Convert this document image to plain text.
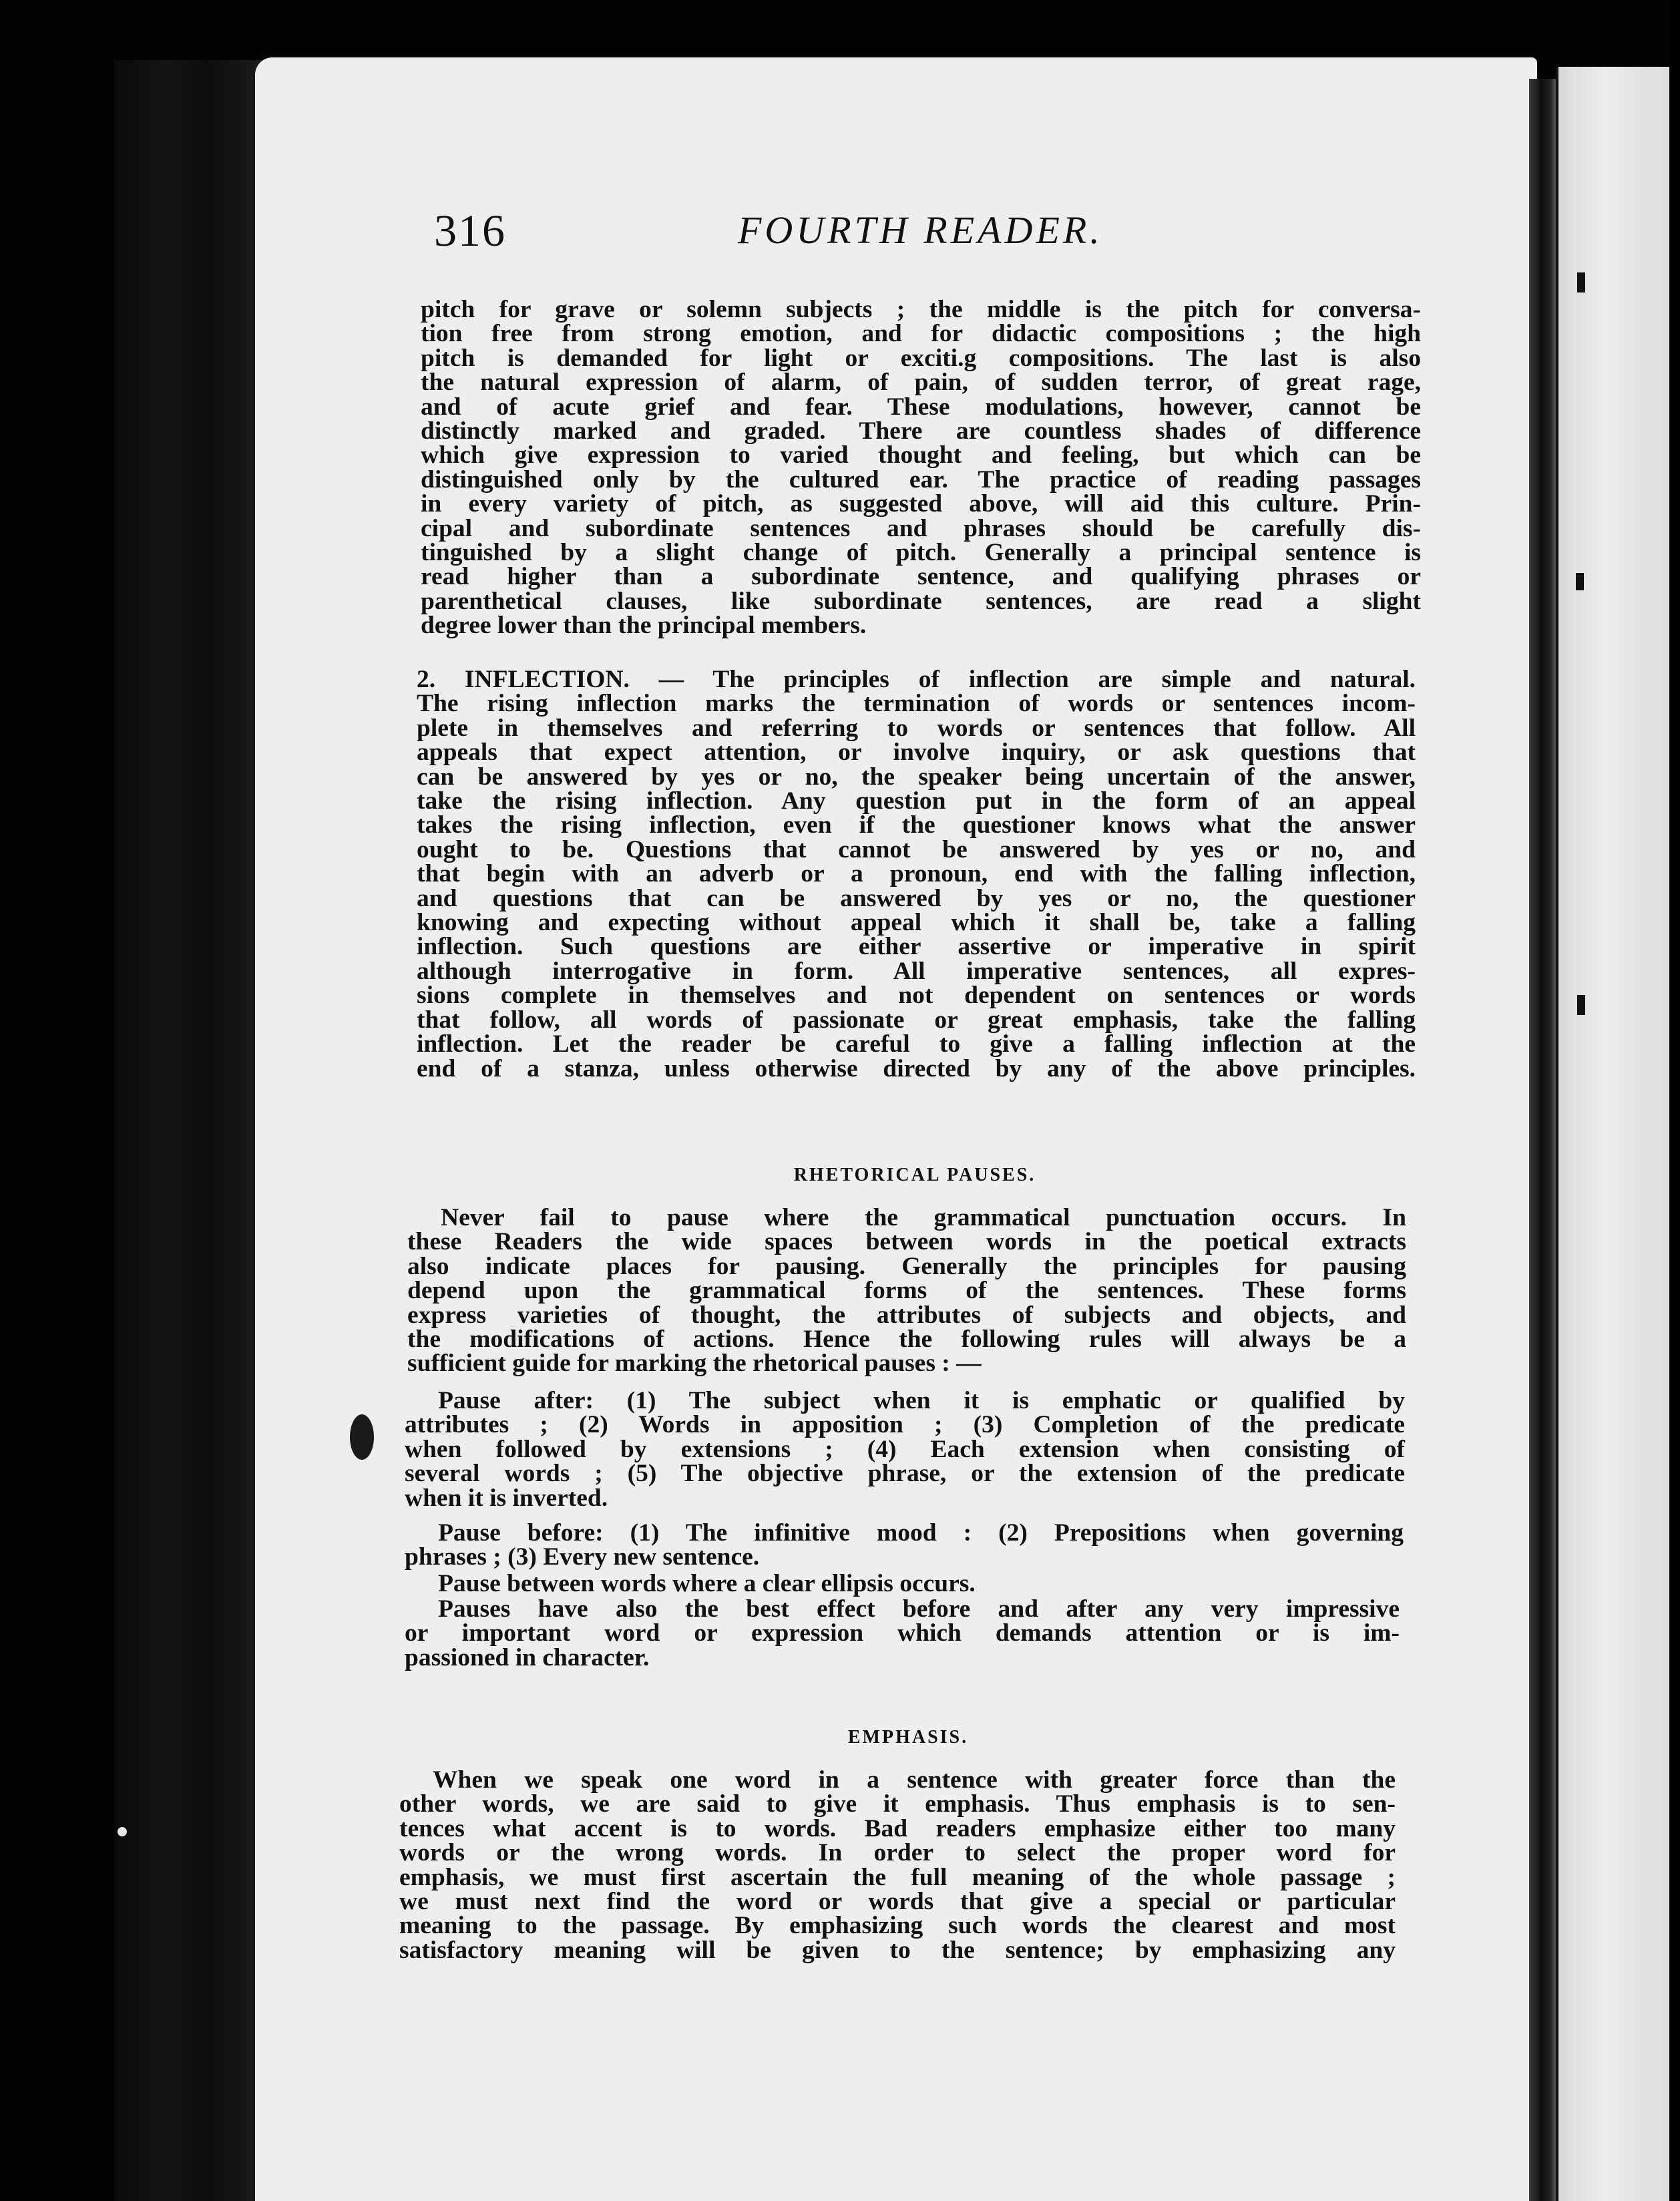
316	FOURTH READER.
pitch for grave or solemn subjects ; the middle is the pitch for conversa-
tion free from strong emotion, and for didactic compositions ; the high
pitch is demanded for light or exciti.g compositions. The last is also
the natural expression of alarm, of pain, of sudden terror, of great rage,
and of acute grief and fear. These modulations, however, cannot be
distinctly marked and graded. There are countless shades of difference
which give expression to varied thought and feeling, but which can be
distinguished only by the cultured ear. The practice of reading passages
in every variety of pitch, as suggested above, will aid this culture. Prin-
cipal and subordinate sentences and phrases should be carefully dis-
tinguished by a slight change of pitch. Generally a principal sentence is
read higher than a subordinate sentence, and qualifying phrases or
parenthetical clauses, like subordinate sentences, are read a slight
degree lower than the principal members.
2. INFLECTION. — The principles of inflection are simple and natural.
The rising inflection marks the termination of words or sentences incom-
plete in themselves and referring to words or sentences that follow. All
appeals that expect attention, or involve inquiry, or ask questions that
can be answered by yes or no, the speaker being uncertain of the answer,
take the rising inflection. Any question put in the form of an appeal
takes the rising inflection, even if the questioner knows what the answer
ought to be. Questions that cannot be answered by yes or no, and
that begin with an adverb or a pronoun, end with the falling inflection,
and questions that can be answered by yes or no, the questioner
knowing and expecting without appeal which it shall be, take a falling
inflection. Such questions are either assertive or imperative in spirit
although interrogative in form. All imperative sentences, all expres-
sions complete in themselves and not dependent on sentences or words
that follow, all words of passionate or great emphasis, take the falling
inflection. Let the reader be careful to give a falling inflection at the
end of a stanza, unless otherwise directed by any of the above principles.
RHETORICAL PAUSES.
Never fail to pause where the grammatical punctuation occurs. In
these Readers the wide spaces between words in the poetical extracts
also indicate places for pausing. Generally the principles for pausing
depend upon the grammatical forms of the sentences. These forms
express varieties of thought, the attributes of subjects and objects, and
the modifications of actions. Hence the following rules will always be a
sufficient guide for marking the rhetorical pauses : —
Pause after: (1) The subject when it is emphatic or qualified by
attributes ; (2) Words in apposition ; (3) Completion of the predicate
when followed by extensions ; (4) Each extension when consisting of
several words ; (5) The objective phrase, or the extension of the predicate
when it is inverted.
Pause before: (1) The infinitive mood : (2) Prepositions when governing
phrases ; (3) Every new sentence.
Pause between words where a clear ellipsis occurs.
Pauses have also the best effect before and after any very impressive
or important word or expression which demands attention or is im-
passioned in character.
EMPHASIS.
When we speak one word in a sentence with greater force than the
other words, we are said to give it emphasis. Thus emphasis is to sen-
tences what accent is to words. Bad readers emphasize either too many
words or the wrong words. In order to select the proper word for
emphasis, we must first ascertain the full meaning of the whole passage ;
we must next find the word or words that give a special or particular
meaning to the passage. By emphasizing such words the clearest and most
satisfactory meaning will be given to the sentence; by emphasizing any
